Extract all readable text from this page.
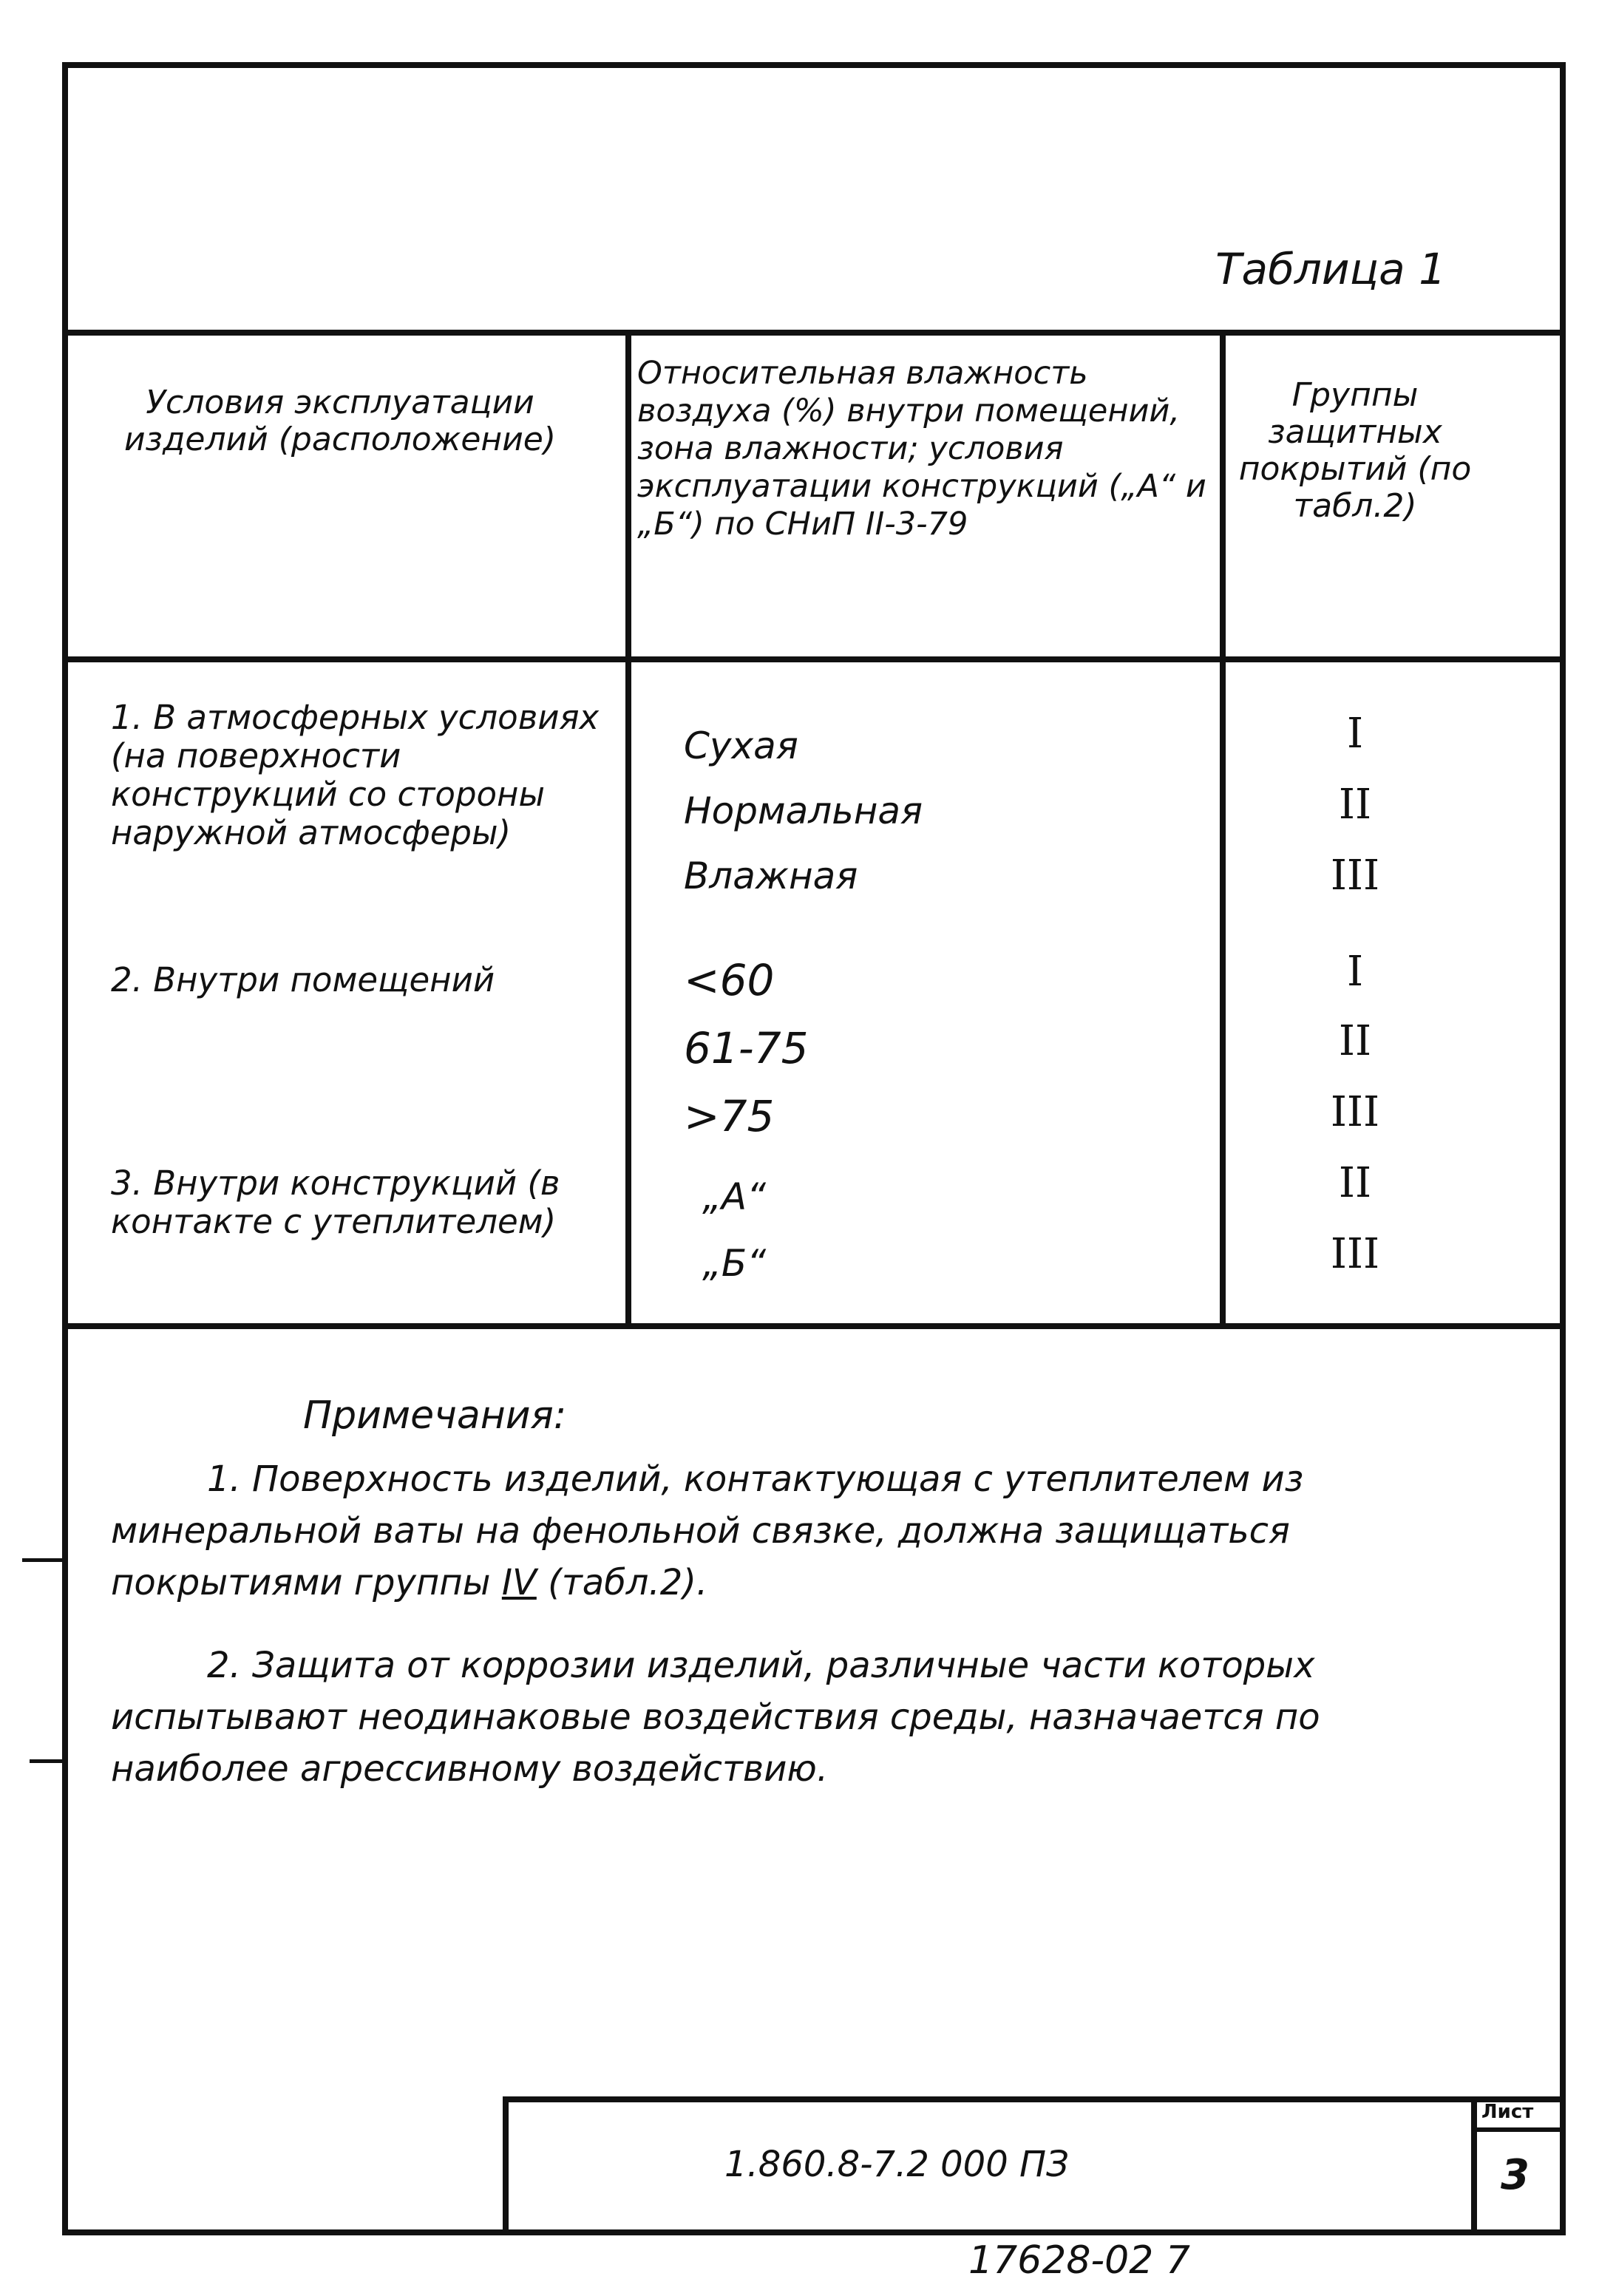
Таблица 1
Условия эксплуатации изделий (расположение)
Относительная влажность воздуха (%) внутри помещений, зона влажности; условия эксплуатации конструкций („А“ и „Б“) по СНиП II-3-79
Группы защитных покрытий (по табл.2)
1. В атмосферных условиях (на поверхности конструкций со стороны наружной атмосферы)
Сухая
Нормальная
Влажная
I
II
III
2. Внутри помещений	<60
61-75
>75
I
II
III
3. Внутри конструкций (в контакте с утеплителем)
„А“
„Б“
II
III
Примечания:
1. Поверхность изделий, контактующая с утеплителем из минеральной ваты на фенольной связке, должна защищаться покрытиями группы IV (табл.2).
2. Защита от коррозии изделий, различные части которых испытывают неодинаковые воздействия среды, назначается по наиболее агрессивному воздействию.
1.860.8-7.2 000 ПЗ
Лист
3
17628-02 7
